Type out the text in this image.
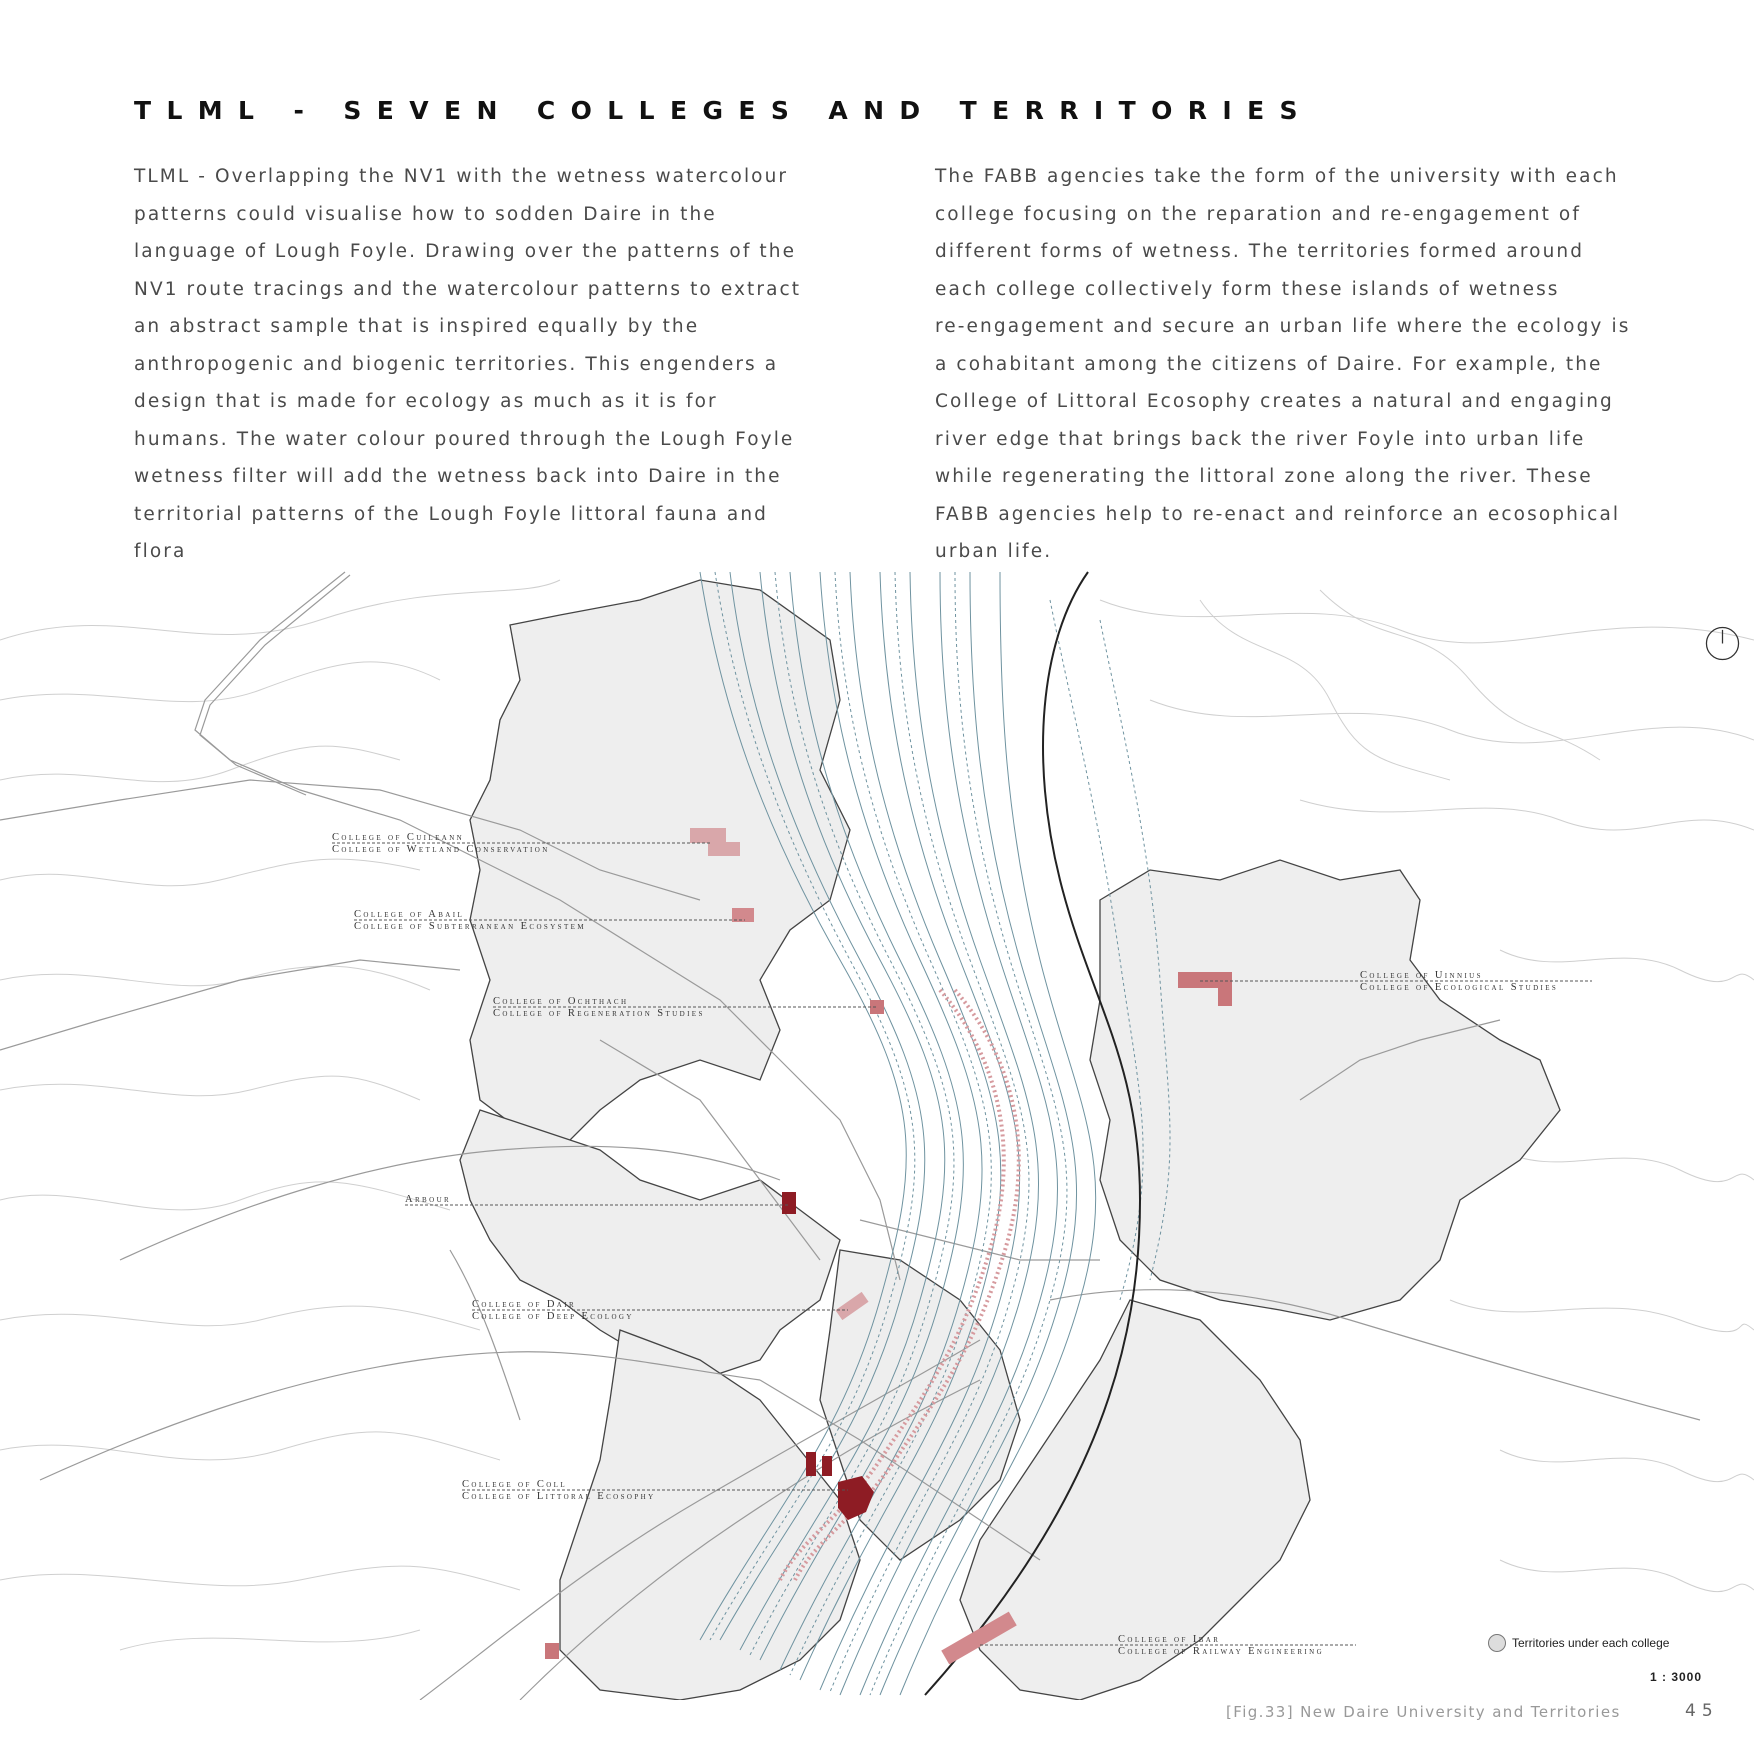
TLML - SEVEN COLLEGES AND TERRITORIES
TLML - Overlapping the NV1 with the wetness watercolour
patterns could visualise how to sodden Daire in the
language of Lough Foyle. Drawing over the patterns of the
NV1 route tracings and the watercolour patterns to extract
an abstract sample that is inspired equally by the
anthropogenic and biogenic territories. This engenders a
design that is made for ecology as much as it is for
humans. The water colour poured through the Lough Foyle
wetness filter will add the wetness back into Daire in the
territorial patterns of the Lough Foyle littoral fauna and
flora
The FABB agencies take the form of the university with each
college focusing on the reparation and re-engagement of
different forms of wetness. The territories formed around
each college collectively form these islands of wetness
re-engagement and secure an urban life where the ecology is
a cohabitant among the citizens of Daire. For example, the
College of Littoral Ecosophy creates a natural and engaging
river edge that brings back the river Foyle into urban life
while regenerating the littoral zone along the river. These
FABB agencies help to re-enact and reinforce an ecosophical
urban life.
College of Cuileann
College of Wetland Conservation
College of Abail
College of Subterranean Ecosystem
College of Ochthach
College of Regeneration Studies
College of Uinnius
College of Ecological Studies
Arbour
College of Dair
College of Deep Ecology
College of Coll
College of Littoral Ecosophy
College of Ibar
College of Railway Engineering
Territories under each college
1 : 3000
[Fig.33] New Daire University and Territories	45
